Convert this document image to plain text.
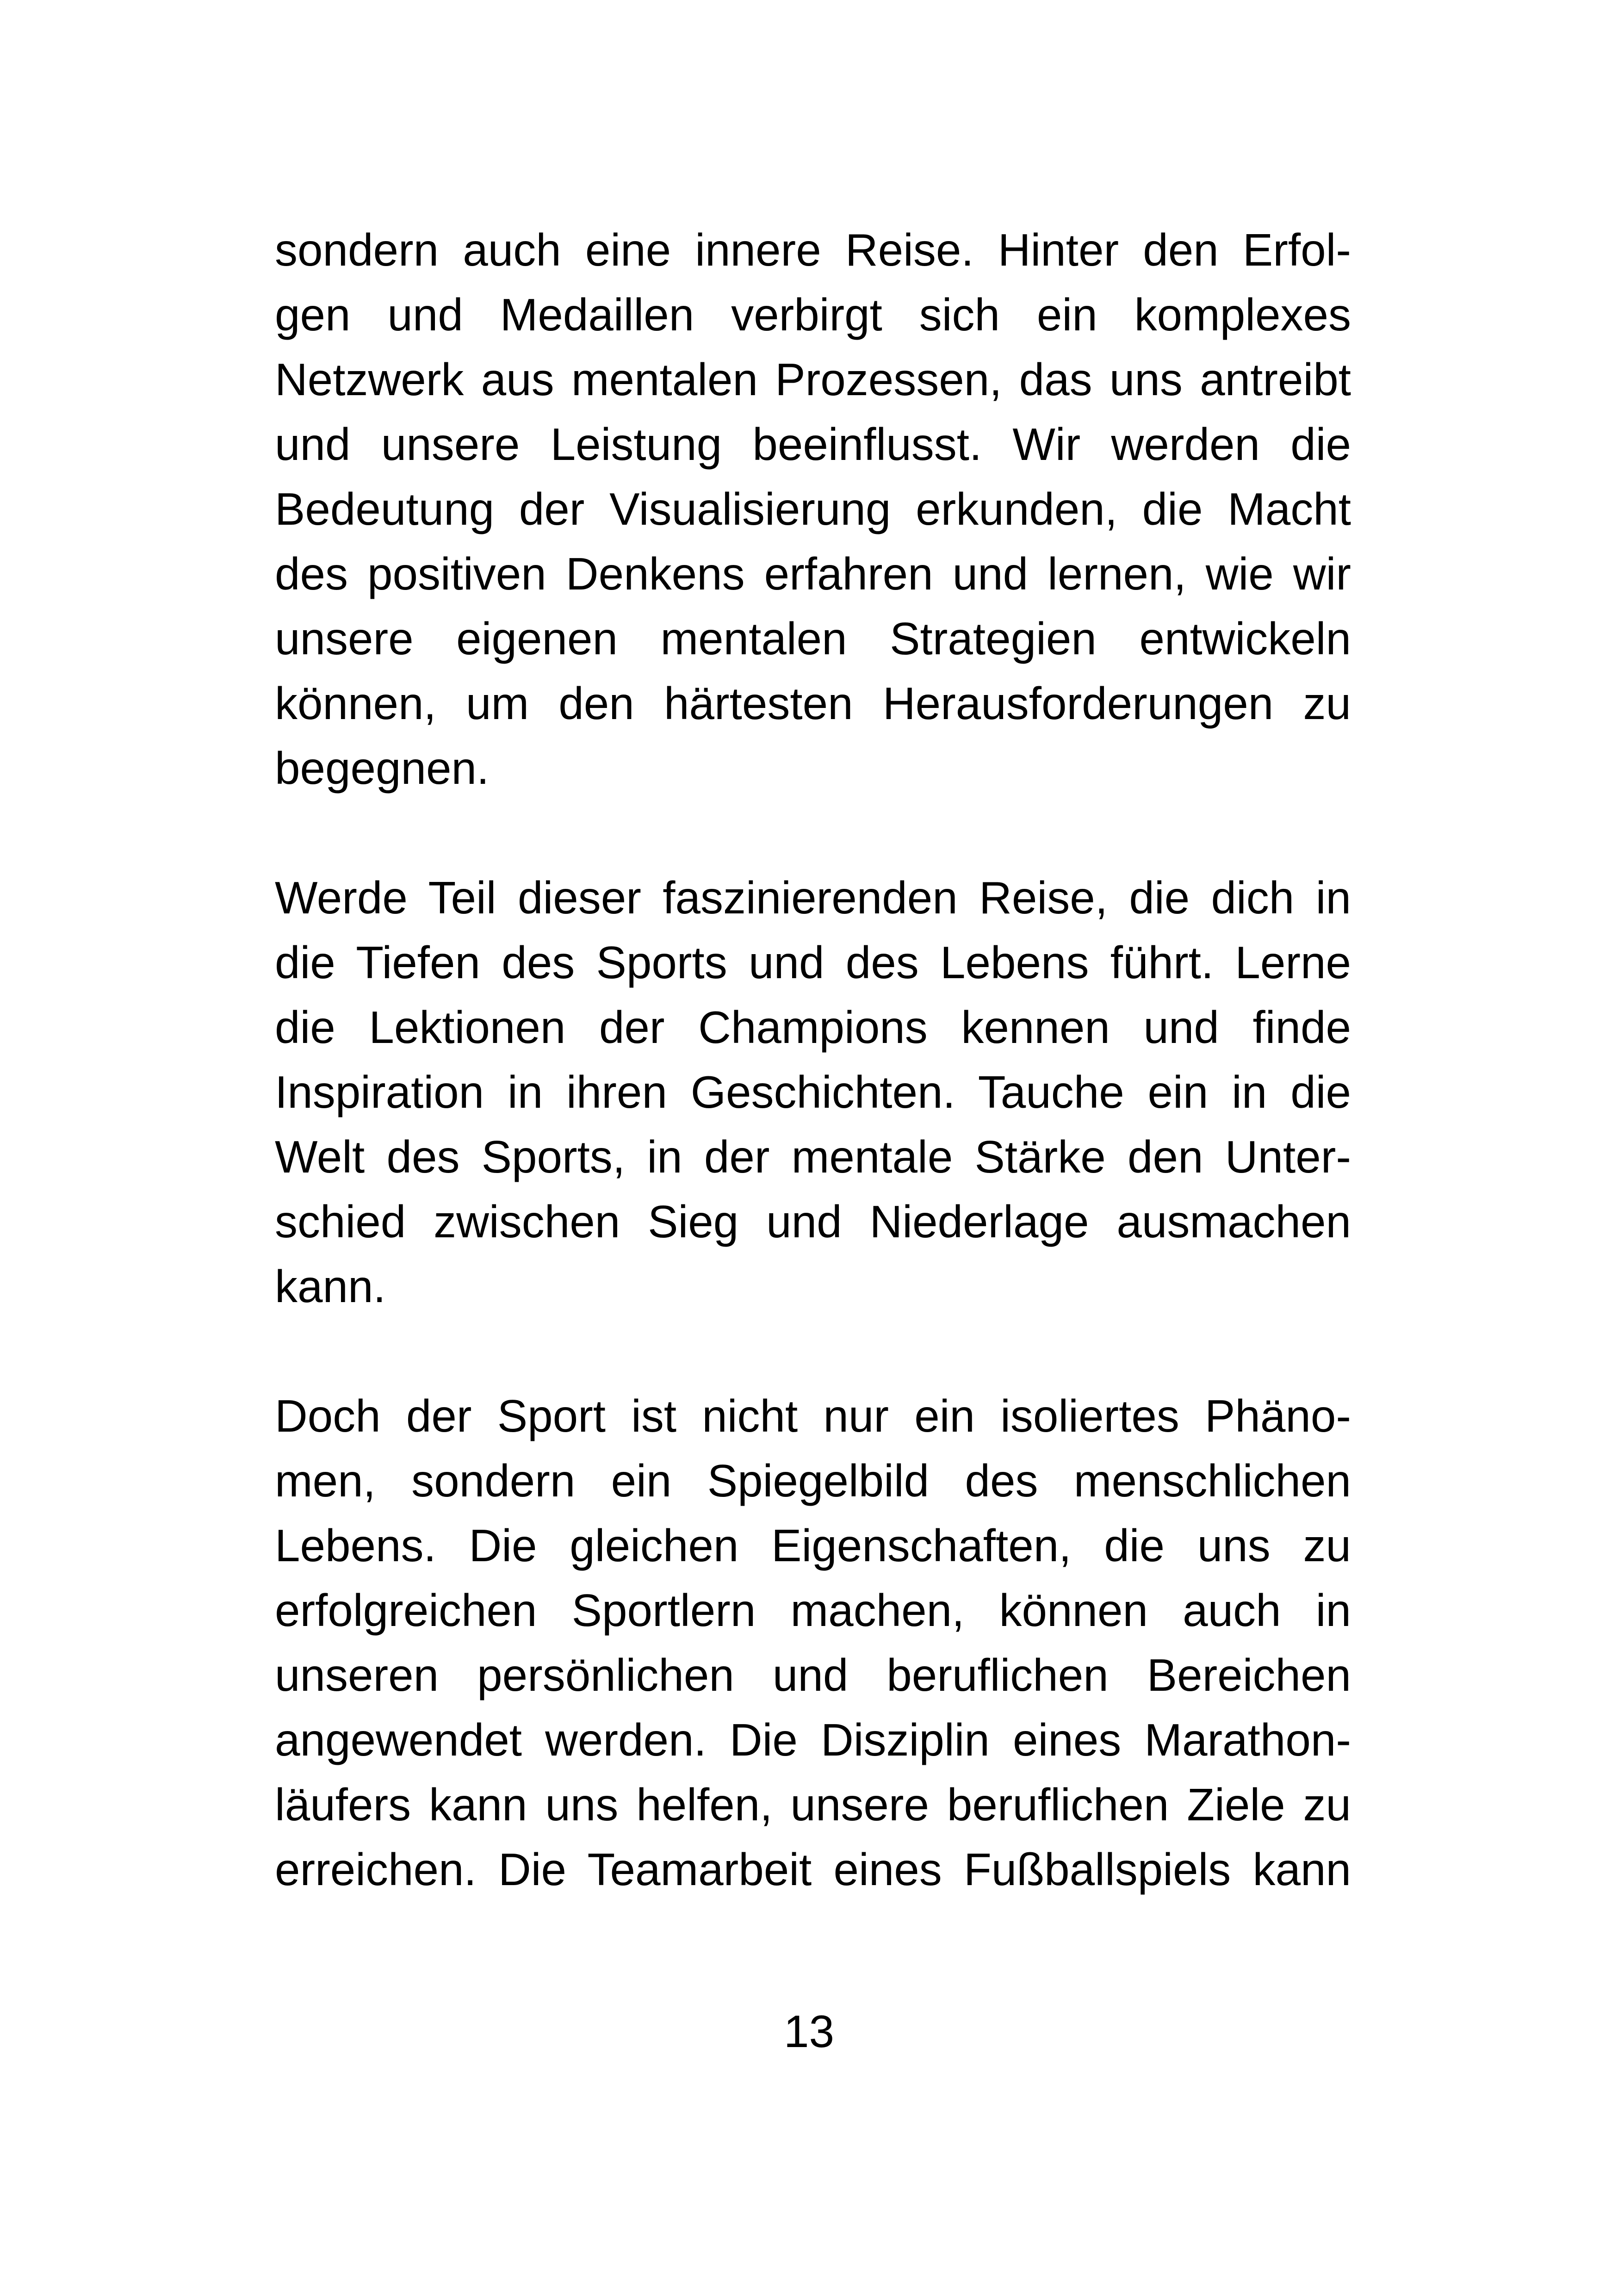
sondern auch eine innere Reise. Hinter den Erfol-
gen und Medaillen verbirgt sich ein komplexes
Netzwerk aus mentalen Prozessen, das uns antreibt
und unsere Leistung beeinflusst. Wir werden die
Bedeutung der Visualisierung erkunden, die Macht
des positiven Denkens erfahren und lernen, wie wir
unsere eigenen mentalen Strategien entwickeln
können, um den härtesten Herausforderungen zu
begegnen.

Werde Teil dieser faszinierenden Reise, die dich in
die Tiefen des Sports und des Lebens führt. Lerne
die Lektionen der Champions kennen und finde
Inspiration in ihren Geschichten. Tauche ein in die
Welt des Sports, in der mentale Stärke den Unter-
schied zwischen Sieg und Niederlage ausmachen
kann.

Doch der Sport ist nicht nur ein isoliertes Phäno-
men, sondern ein Spiegelbild des menschlichen
Lebens. Die gleichen Eigenschaften, die uns zu
erfolgreichen Sportlern machen, können auch in
unseren persönlichen und beruflichen Bereichen
angewendet werden. Die Disziplin eines Marathon-
läufers kann uns helfen, unsere beruflichen Ziele zu
erreichen. Die Teamarbeit eines Fußballspiels kann

13
